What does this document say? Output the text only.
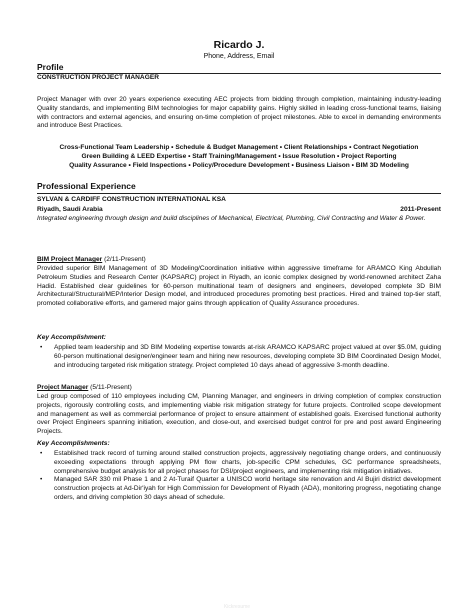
Ricardo J.
Phone, Address, Email
Profile
CONSTRUCTION PROJECT MANAGER

Project Manager with over 20 years experience executing AEC projects from bidding through completion, maintaining industry-leading Quality standards, and implementing BIM technologies for major capability gains. Highly skilled in leading cross-functional teams, liaising with contractors and external agencies, and ensuring on-time completion of project milestones. Able to excel in demanding environments and introduce Best Practices.

Cross-Functional Team Leadership • Schedule & Budget Management • Client Relationships • Contract Negotiation
Green Building & LEED Expertise • Staff Training/Management • Issue Resolution • Project Reporting
Quality Assurance • Field Inspections • Policy/Procedure Development • Business Liaison • BIM 3D Modeling
Professional Experience
SYLVAN & CARDIFF CONSTRUCTION INTERNATIONAL KSA
Riyadh, Saudi Arabia	2011-Present

Integrated engineering through design and build disciplines of Mechanical, Electrical, Plumbing, Civil Contracting and Water & Power.

BIM Project Manager (2/11-Present)

Provided superior BIM Management of 3D Modeling/Coordination initiative within aggressive timeframe for ARAMCO King Abdullah Petroleum Studies and Research Center (KAPSARC) project in Riyadh, an iconic complex designed by world-renowned architect Zaha Hadid. Established clear guidelines for 60-person multinational team of designers and engineers, developed complete 3D BIM Architectural/Structural/MEP/Interior Design model, and introduced procedures promoting best practices. Hired and trained top-tier staff, promoted collaborative efforts, and garnered major gains through application of Quality Assurance procedures.

Key Accomplishment:
• Applied team leadership and 3D BIM Modeling expertise towards at-risk ARAMCO KAPSARC project valued at over $5.0M, guiding 60-person multinational designer/engineer team and hiring new resources, developing complete 3D BIM Coordinated Design Model, and introducing targeted risk mitigation strategy. Project completed 10 days ahead of aggressive 3-month deadline.
Project Manager (5/11-Present)

Led group composed of 110 employees including CM, Planning Manager, and engineers in driving completion of complex construction projects, rigorously controlling costs, and implementing viable risk mitigation strategy for future projects. Controlled scope development and management as well as commercial performance of project to ensure attainment of established goals. Exercised functional authority over Project Engineers spanning initiation, execution, and close-out, and exercised budget control for pre and post award Engineering Projects.

Key Accomplishments:
• Established track record of turning around stalled construction projects, aggressively negotiating change orders, and continuously exceeding expectations through applying PM flow charts, job-specific CPM schedules, GC performance spreadsheets, comprehensive budget analysis for all project phases for DSI/project engineers, and implementing risk mitigation initiatives.
• Managed SAR 330 mil Phase 1 and 2 At-Turaif Quarter a UNISCO world heritage site renovation and Al Bujiri district development construction projects at Ad-Dir'iyah for High Commission for Development of Riyadh (ADA), monitoring progress, negotiating change orders, and driving completion 30 days ahead of schedule.
Kickresume
